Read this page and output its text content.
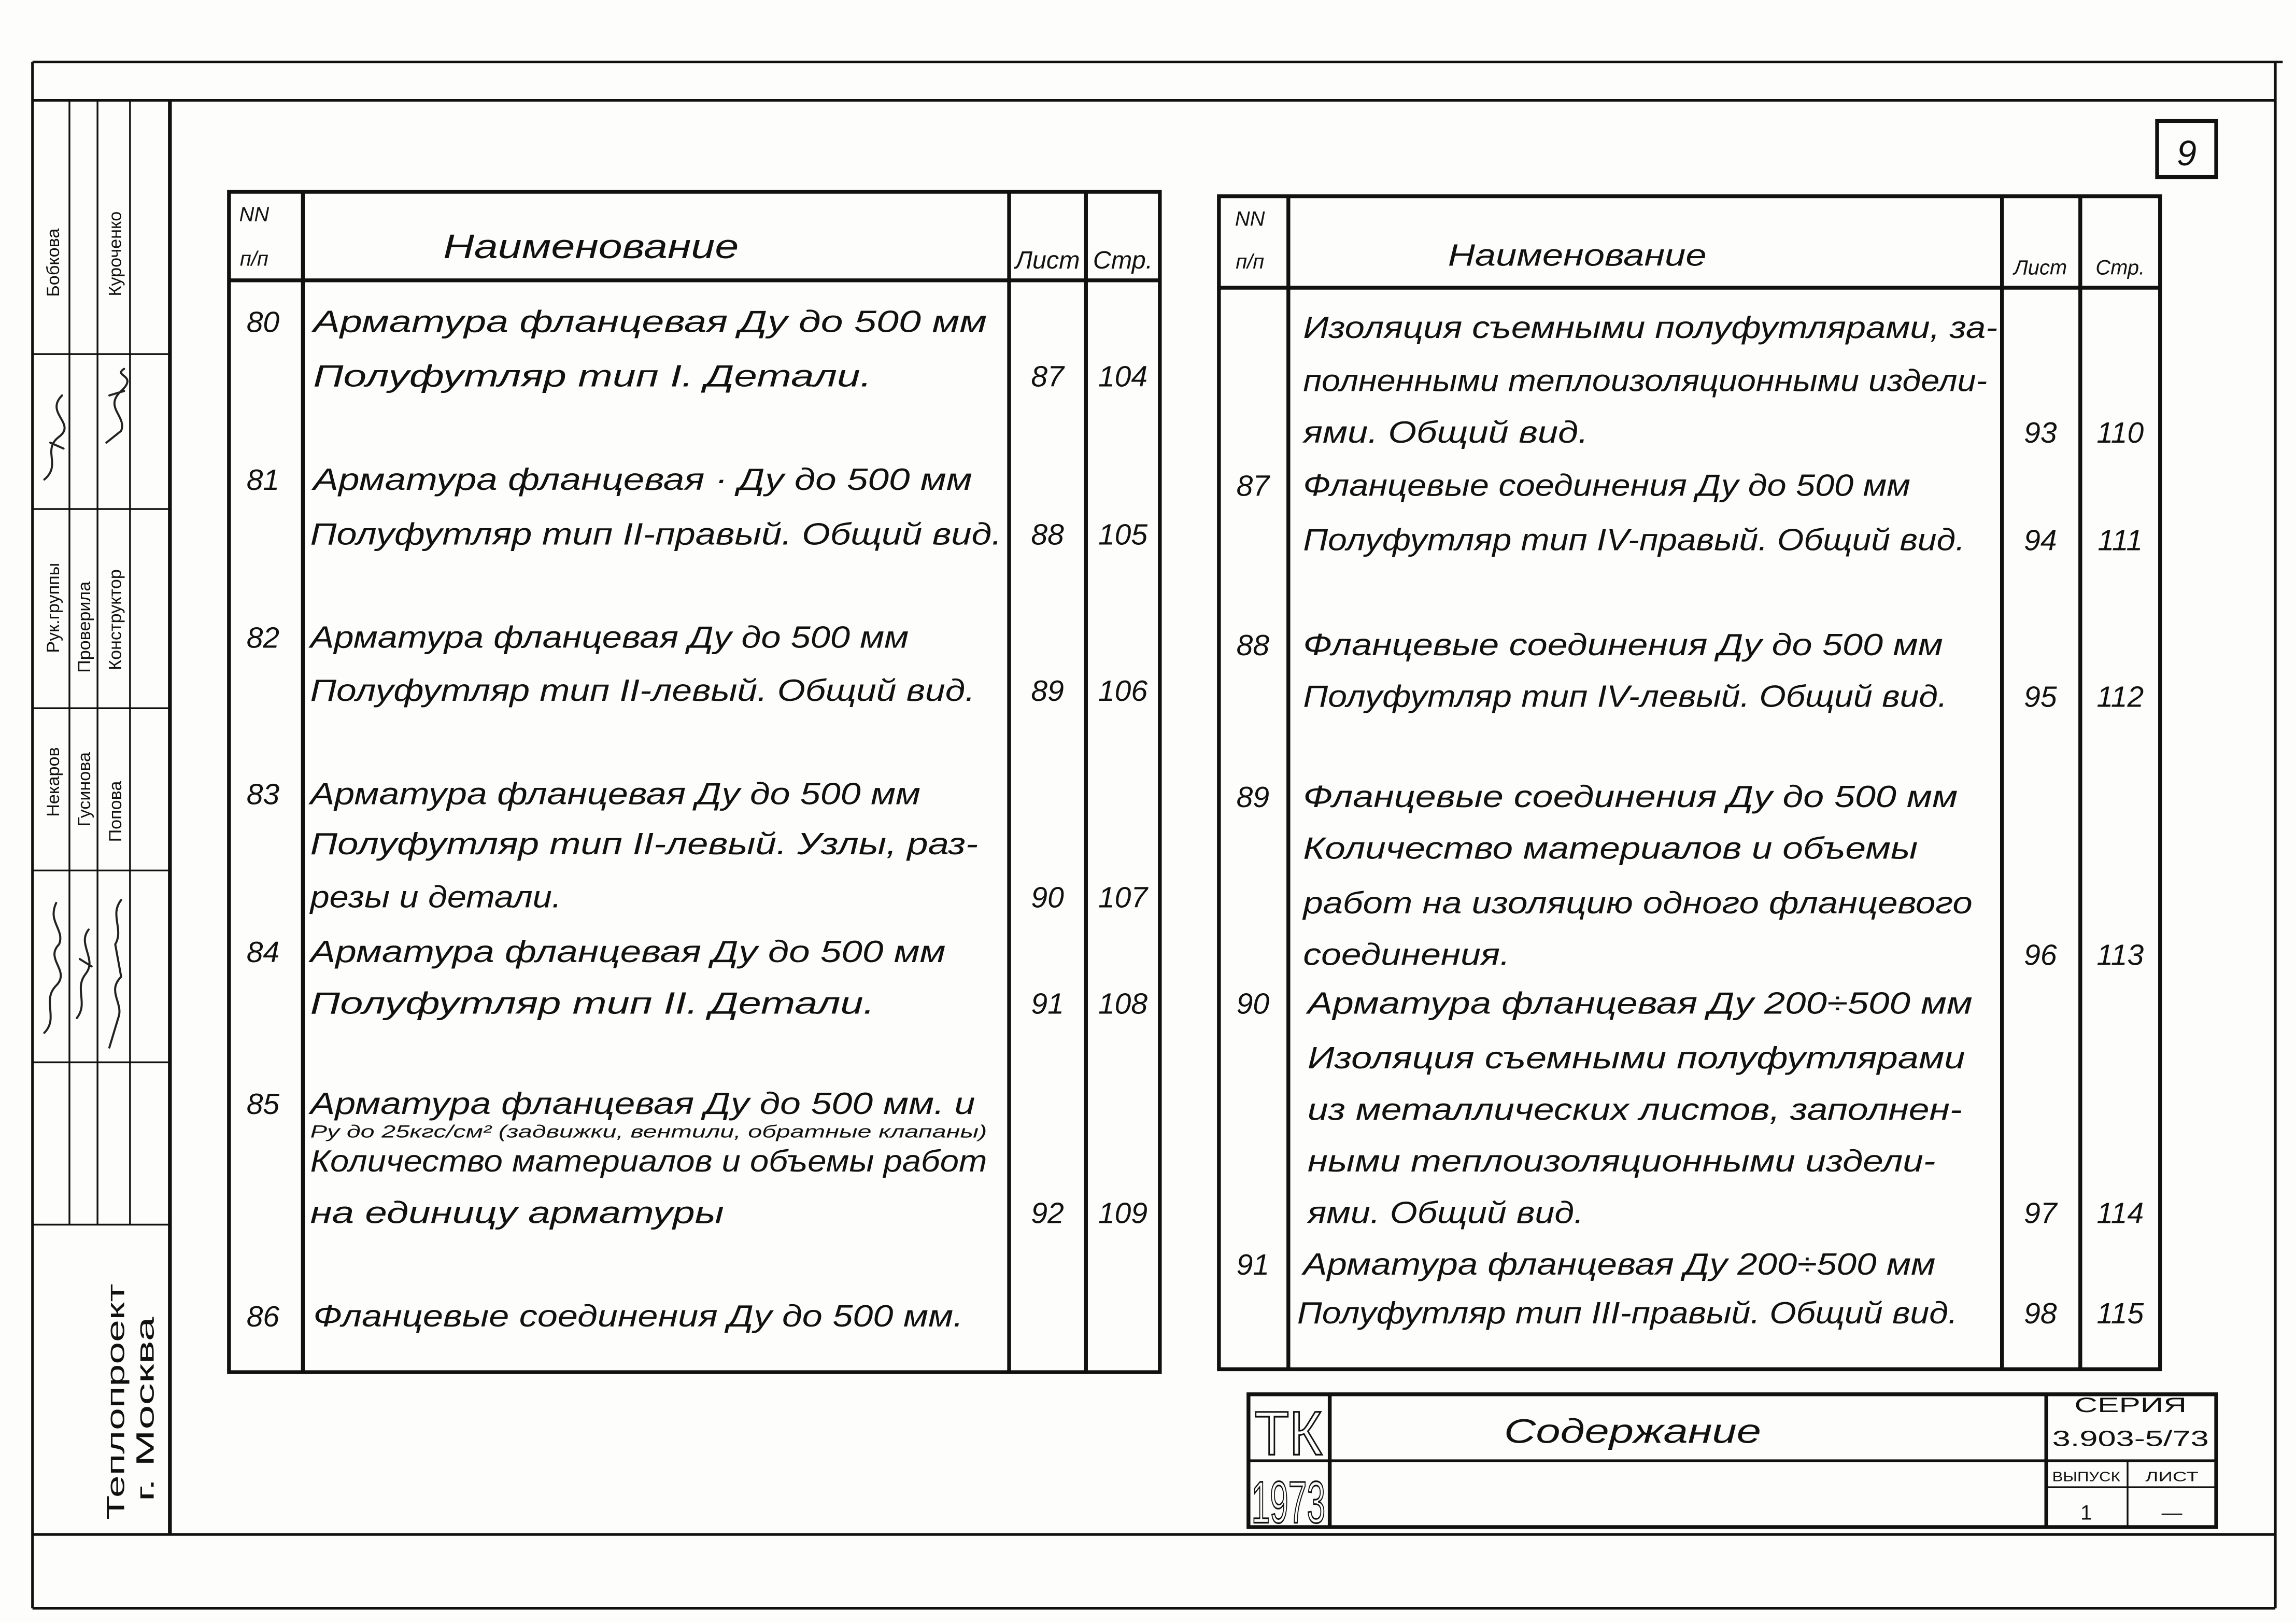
Бобкова	Куроченко
Рук.группы Проверила Конструктор
Некаров Гусинова Попова
Теплопроект г. Москва
9
NN
п/п	Наименование	Лист Стр.
80	Арматура фланцевая Ду до 500 мм
Полуфутляр тип I. Детали.	87	104
81	Арматура фланцевая · Ду до 500 мм
Полуфутляр тип II-правый. Общий вид.	88	105
82	Арматура фланцевая Ду до 500 мм
Полуфутляр тип II-левый. Общий вид.	89	106
83	Арматура фланцевая Ду до 500 мм
Полуфутляр тип II-левый. Узлы, раз-
резы и детали.	90	107
84	Арматура фланцевая Ду до 500 мм
Полуфутляр тип II. Детали.	91	108
85	Арматура фланцевая Ду до 500 мм. и
Ру до 25кгс/см² (задвижки, вентили, обратные клапаны)
Количество материалов и объемы работ
на единицу арматуры	92	109
86	Фланцевые соединения Ду до 500 мм.
NN
п/п	Наименование	Лист	Стр.
Изоляция съемными полуфутлярами, за-
полненными теплоизоляционными издели-
ями. Общий вид.	93	110
87	Фланцевые соединения Ду до 500 мм
Полуфутляр тип IV-правый. Общий вид.	94	111
88	Фланцевые соединения Ду до 500 мм
Полуфутляр тип IV-левый. Общий вид.	95	112
89	Фланцевые соединения Ду до 500 мм
Количество материалов и объемы
работ на изоляцию одного фланцевого
соединения.	96	113
90	Арматура фланцевая Ду 200÷500 мм
Изоляция съемными полуфутлярами
из металлических листов, заполнен-
ными теплоизоляционными издели-
ями. Общий вид.	97	114
91	Арматура фланцевая Ду 200÷500 мм
Полуфутляр тип III-правый. Общий вид.	98	115
ТК
1973
Содержание
СЕРИЯ
3.903-5/73
ВЫПУСК	ЛИСТ
1	—
